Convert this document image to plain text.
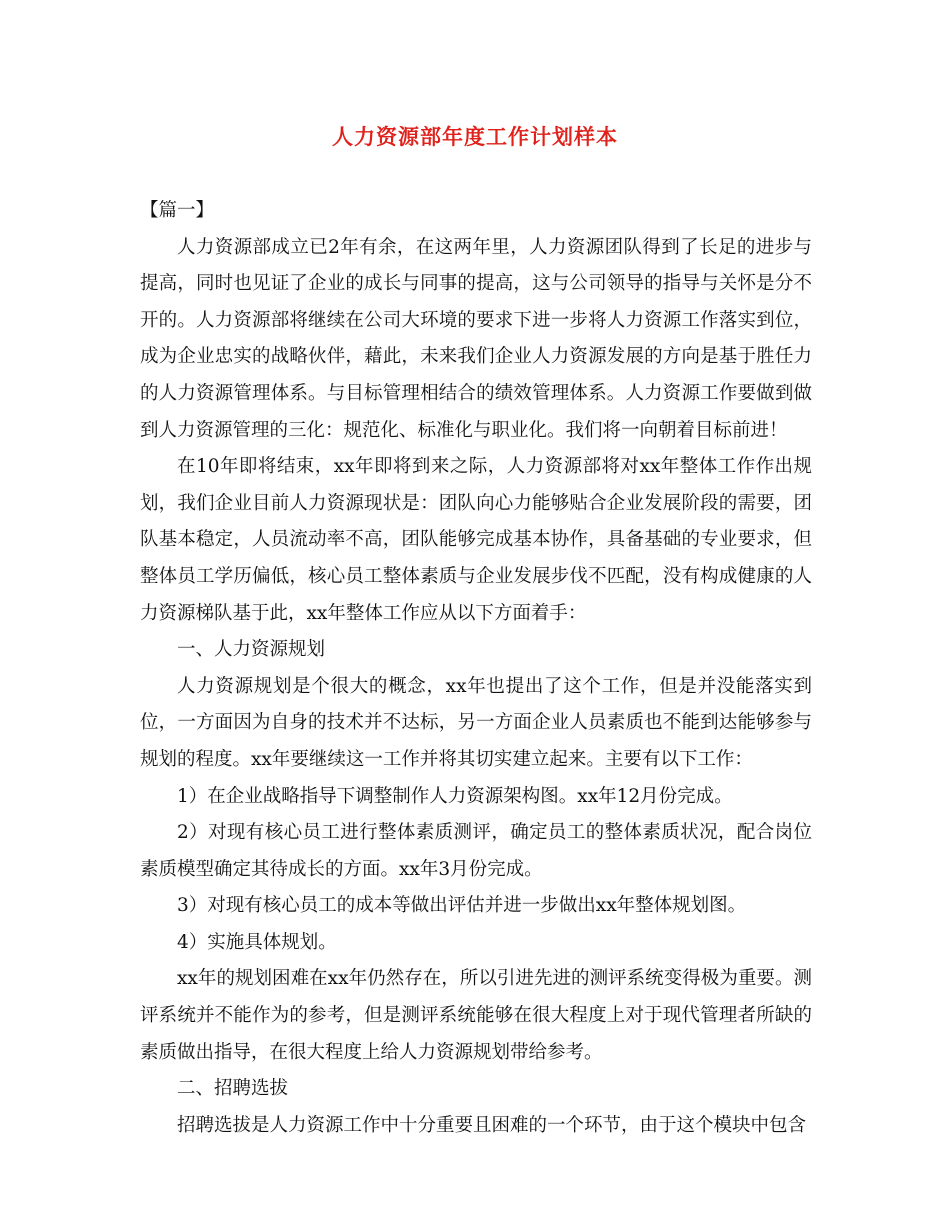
人力资源部年度工作计划样本

【篇一】

人力资源部成立已2年有余，在这两年里，人力资源团队得到了长足的进步与提高，同时也见证了企业的成长与同事的提高，这与公司领导的指导与关怀是分不开的。人力资源部将继续在公司大环境的要求下进一步将人力资源工作落实到位，成为企业忠实的战略伙伴，藉此，未来我们企业人力资源发展的方向是基于胜任力的人力资源管理体系。与目标管理相结合的绩效管理体系。人力资源工作要做到做到人力资源管理的三化：规范化、标准化与职业化。我们将一向朝着目标前进！

在10年即将结束，xx年即将到来之际，人力资源部将对xx年整体工作作出规划，我们企业目前人力资源现状是：团队向心力能够贴合企业发展阶段的需要，团队基本稳定，人员流动率不高，团队能够完成基本协作，具备基础的专业要求，但整体员工学历偏低，核心员工整体素质与企业发展步伐不匹配，没有构成健康的人力资源梯队基于此，xx年整体工作应从以下方面着手：

一、人力资源规划

人力资源规划是个很大的概念，xx年也提出了这个工作，但是并没能落实到位，一方面因为自身的技术并不达标，另一方面企业人员素质也不能到达能够参与规划的程度。xx年要继续这一工作并将其切实建立起来。主要有以下工作：

1）在企业战略指导下调整制作人力资源架构图。xx年12月份完成。

2）对现有核心员工进行整体素质测评，确定员工的整体素质状况，配合岗位素质模型确定其待成长的方面。xx年3月份完成。

3）对现有核心员工的成本等做出评估并进一步做出xx年整体规划图。

4）实施具体规划。

xx年的规划困难在xx年仍然存在，所以引进先进的测评系统变得极为重要。测评系统并不能作为的参考，但是测评系统能够在很大程度上对于现代管理者所缺的素质做出指导，在很大程度上给人力资源规划带给参考。

二、招聘选拔

招聘选拔是人力资源工作中十分重要且困难的一个环节，由于这个模块中包含
